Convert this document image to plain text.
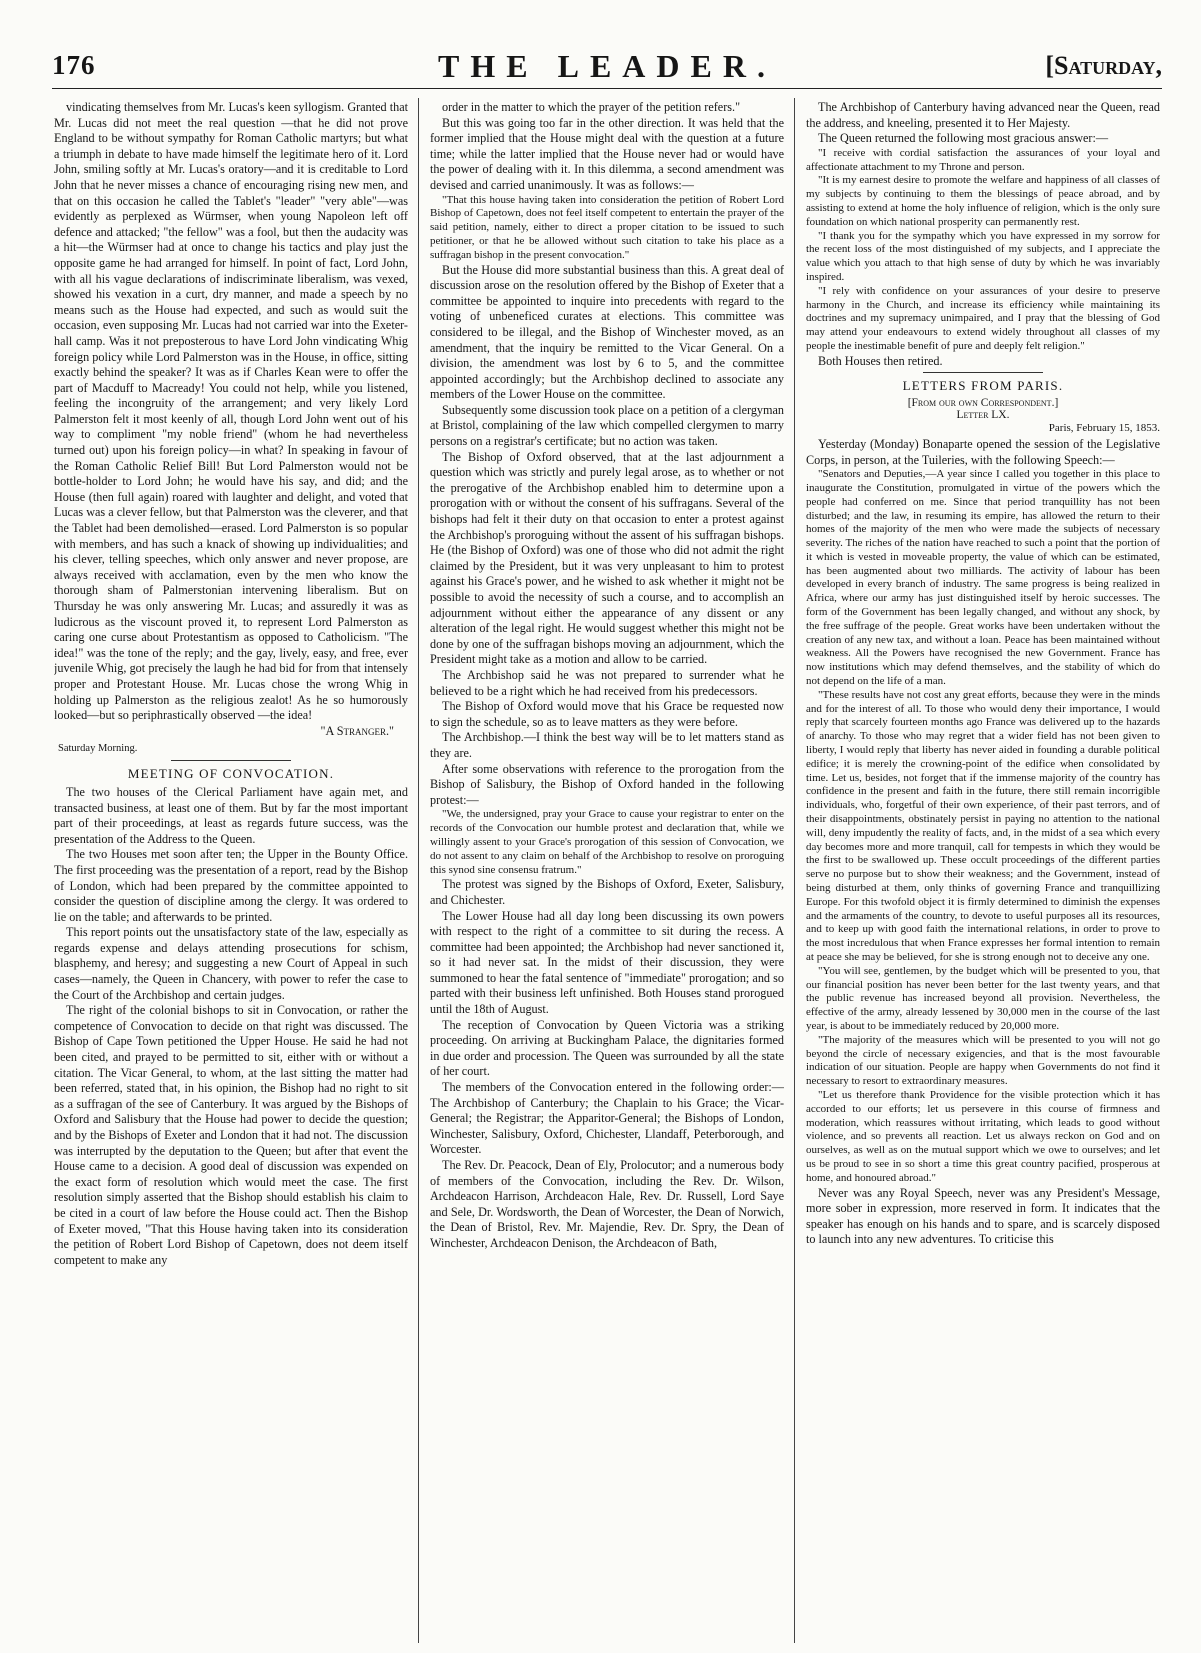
176	THE LEADER.	[Saturday,

vindicating themselves from Mr. Lucas's keen syllogism. Granted that Mr. Lucas did not meet the real question —that he did not prove England to be without sympathy for Roman Catholic martyrs; but what a triumph in debate to have made himself the legitimate hero of it. Lord John, smiling softly at Mr. Lucas's oratory—and it is creditable to Lord John that he never misses a chance of encouraging rising new men, and that on this occasion he called the Tablet's "leader" "very able"—was evidently as perplexed as Würmser, when young Napoleon left off defence and attacked; "the fellow" was a fool, but then the audacity was a hit—the Würmser had at once to change his tactics and play just the opposite game he had arranged for himself. In point of fact, Lord John, with all his vague declarations of indiscriminate liberalism, was vexed, showed his vexation in a curt, dry manner, and made a speech by no means such as the House had expected, and such as would suit the occasion, even supposing Mr. Lucas had not carried war into the Exeter-hall camp. Was it not preposterous to have Lord John vindicating Whig foreign policy while Lord Palmerston was in the House, in office, sitting exactly behind the speaker? It was as if Charles Kean were to offer the part of Macduff to Macready! You could not help, while you listened, feeling the incongruity of the arrangement; and very likely Lord Palmerston felt it most keenly of all, though Lord John went out of his way to compliment "my noble friend" (whom he had nevertheless turned out) upon his foreign policy—in what? In speaking in favour of the Roman Catholic Relief Bill! But Lord Palmerston would not be bottle-holder to Lord John; he would have his say, and did; and the House (then full again) roared with laughter and delight, and voted that Lucas was a clever fellow, but that Palmerston was the cleverer, and that the Tablet had been demolished—erased. Lord Palmerston is so popular with members, and has such a knack of showing up individualities; and his clever, telling speeches, which only answer and never propose, are always received with acclamation, even by the men who know the thorough sham of Palmerstonian intervening liberalism. But on Thursday he was only answering Mr. Lucas; and assuredly it was as ludicrous as the viscount proved it, to represent Lord Palmerston as caring one curse about Protestantism as opposed to Catholicism. "The idea!" was the tone of the reply; and the gay, lively, easy, and free, ever juvenile Whig, got precisely the laugh he had bid for from that intensely proper and Protestant House. Mr. Lucas chose the wrong Whig in holding up Palmerston as the religious zealot! As he so humorously looked—but so periphrastically observed —the idea!

"A Stranger."

Saturday Morning.

MEETING OF CONVOCATION.

The two houses of the Clerical Parliament have again met, and transacted business, at least one of them. But by far the most important part of their proceedings, at least as regards future success, was the presentation of the Address to the Queen.

The two Houses met soon after ten; the Upper in the Bounty Office. The first proceeding was the presentation of a report, read by the Bishop of London, which had been prepared by the committee appointed to consider the question of discipline among the clergy. It was ordered to lie on the table; and afterwards to be printed.

This report points out the unsatisfactory state of the law, especially as regards expense and delays attending prosecutions for schism, blasphemy, and heresy; and suggesting a new Court of Appeal in such cases—namely, the Queen in Chancery, with power to refer the case to the Court of the Archbishop and certain judges.

The right of the colonial bishops to sit in Convocation, or rather the competence of Convocation to decide on that right was discussed. The Bishop of Cape Town petitioned the Upper House. He said he had not been cited, and prayed to be permitted to sit, either with or without a citation. The Vicar General, to whom, at the last sitting the matter had been referred, stated that, in his opinion, the Bishop had no right to sit as a suffragan of the see of Canterbury. It was argued by the Bishops of Oxford and Salisbury that the House had power to decide the question; and by the Bishops of Exeter and London that it had not. The discussion was interrupted by the deputation to the Queen; but after that event the House came to a decision. A good deal of discussion was expended on the exact form of resolution which would meet the case. The first resolution simply asserted that the Bishop should establish his claim to be cited in a court of law before the House could act. Then the Bishop of Exeter moved, "That this House having taken into its consideration the petition of Robert Lord Bishop of Capetown, does not deem itself competent to make any

order in the matter to which the prayer of the petition refers."

But this was going too far in the other direction. It was held that the former implied that the House might deal with the question at a future time; while the latter implied that the House never had or would have the power of dealing with it. In this dilemma, a second amendment was devised and carried unanimously. It was as follows:—

"That this house having taken into consideration the petition of Robert Lord Bishop of Capetown, does not feel itself competent to entertain the prayer of the said petition, namely, either to direct a proper citation to be issued to such petitioner, or that he be allowed without such citation to take his place as a suffragan bishop in the present convocation."

But the House did more substantial business than this. A great deal of discussion arose on the resolution offered by the Bishop of Exeter that a committee be appointed to inquire into precedents with regard to the voting of unbeneficed curates at elections. This committee was considered to be illegal, and the Bishop of Winchester moved, as an amendment, that the inquiry be remitted to the Vicar General. On a division, the amendment was lost by 6 to 5, and the committee appointed accordingly; but the Archbishop declined to associate any members of the Lower House on the committee.

Subsequently some discussion took place on a petition of a clergyman at Bristol, complaining of the law which compelled clergymen to marry persons on a registrar's certificate; but no action was taken.

The Bishop of Oxford observed, that at the last adjournment a question which was strictly and purely legal arose, as to whether or not the prerogative of the Archbishop enabled him to determine upon a prorogation with or without the consent of his suffragans. Several of the bishops had felt it their duty on that occasion to enter a protest against the Archbishop's proroguing without the assent of his suffragan bishops. He (the Bishop of Oxford) was one of those who did not admit the right claimed by the President, but it was very unpleasant to him to protest against his Grace's power, and he wished to ask whether it might not be possible to avoid the necessity of such a course, and to accomplish an adjournment without either the appearance of any dissent or any alteration of the legal right. He would suggest whether this might not be done by one of the suffragan bishops moving an adjournment, which the President might take as a motion and allow to be carried.

The Archbishop said he was not prepared to surrender what he believed to be a right which he had received from his predecessors.

The Bishop of Oxford would move that his Grace be requested now to sign the schedule, so as to leave matters as they were before.

The Archbishop.—I think the best way will be to let matters stand as they are.

After some observations with reference to the prorogation from the Bishop of Salisbury, the Bishop of Oxford handed in the following protest:—

"We, the undersigned, pray your Grace to cause your registrar to enter on the records of the Convocation our humble protest and declaration that, while we willingly assent to your Grace's prorogation of this session of Convocation, we do not assent to any claim on behalf of the Archbishop to resolve on proroguing this synod sine consensu fratrum."

The protest was signed by the Bishops of Oxford, Exeter, Salisbury, and Chichester.

The Lower House had all day long been discussing its own powers with respect to the right of a committee to sit during the recess. A committee had been appointed; the Archbishop had never sanctioned it, so it had never sat. In the midst of their discussion, they were summoned to hear the fatal sentence of "immediate" prorogation; and so parted with their business left unfinished. Both Houses stand prorogued until the 18th of August.

The reception of Convocation by Queen Victoria was a striking proceeding. On arriving at Buckingham Palace, the dignitaries formed in due order and procession. The Queen was surrounded by all the state of her court.

The members of the Convocation entered in the following order:—The Archbishop of Canterbury; the Chaplain to his Grace; the Vicar-General; the Registrar; the Apparitor-General; the Bishops of London, Winchester, Salisbury, Oxford, Chichester, Llandaff, Peterborough, and Worcester.

The Rev. Dr. Peacock, Dean of Ely, Prolocutor; and a numerous body of members of the Convocation, including the Rev. Dr. Wilson, Archdeacon Harrison, Archdeacon Hale, Rev. Dr. Russell, Lord Saye and Sele, Dr. Wordsworth, the Dean of Worcester, the Dean of Norwich, the Dean of Bristol, Rev. Mr. Majendie, Rev. Dr. Spry, the Dean of Winchester, Archdeacon Denison, the Archdeacon of Bath,

The Archbishop of Canterbury having advanced near the Queen, read the address, and kneeling, presented it to Her Majesty.

The Queen returned the following most gracious answer:—

"I receive with cordial satisfaction the assurances of your loyal and affectionate attachment to my Throne and person.

"It is my earnest desire to promote the welfare and happiness of all classes of my subjects by continuing to them the blessings of peace abroad, and by assisting to extend at home the holy influence of religion, which is the only sure foundation on which national prosperity can permanently rest.

"I thank you for the sympathy which you have expressed in my sorrow for the recent loss of the most distinguished of my subjects, and I appreciate the value which you attach to that high sense of duty by which he was invariably inspired.

"I rely with confidence on your assurances of your desire to preserve harmony in the Church, and increase its efficiency while maintaining its doctrines and my supremacy unimpaired, and I pray that the blessing of God may attend your endeavours to extend widely throughout all classes of my people the inestimable benefit of pure and deeply felt religion."

Both Houses then retired.

LETTERS FROM PARIS.
[From our own Correspondent.]
Letter LX.

Paris, February 15, 1853.

Yesterday (Monday) Bonaparte opened the session of the Legislative Corps, in person, at the Tuileries, with the following Speech:—

"Senators and Deputies,—A year since I called you together in this place to inaugurate the Constitution, promulgated in virtue of the powers which the people had conferred on me. Since that period tranquillity has not been disturbed; and the law, in resuming its empire, has allowed the return to their homes of the majority of the men who were made the subjects of necessary severity. The riches of the nation have reached to such a point that the portion of it which is vested in moveable property, the value of which can be estimated, has been augmented about two milliards. The activity of labour has been developed in every branch of industry. The same progress is being realized in Africa, where our army has just distinguished itself by heroic successes. The form of the Government has been legally changed, and without any shock, by the free suffrage of the people. Great works have been undertaken without the creation of any new tax, and without a loan. Peace has been maintained without weakness. All the Powers have recognised the new Government. France has now institutions which may defend themselves, and the stability of which do not depend on the life of a man.

"These results have not cost any great efforts, because they were in the minds and for the interest of all. To those who would deny their importance, I would reply that scarcely fourteen months ago France was delivered up to the hazards of anarchy. To those who may regret that a wider field has not been given to liberty, I would reply that liberty has never aided in founding a durable political edifice; it is merely the crowning-point of the edifice when consolidated by time. Let us, besides, not forget that if the immense majority of the country has confidence in the present and faith in the future, there still remain incorrigible individuals, who, forgetful of their own experience, of their past terrors, and of their disappointments, obstinately persist in paying no attention to the national will, deny impudently the reality of facts, and, in the midst of a sea which every day becomes more and more tranquil, call for tempests in which they would be the first to be swallowed up. These occult proceedings of the different parties serve no purpose but to show their weakness; and the Government, instead of being disturbed at them, only thinks of governing France and tranquillizing Europe. For this twofold object it is firmly determined to diminish the expenses and the armaments of the country, to devote to useful purposes all its resources, and to keep up with good faith the international relations, in order to prove to the most incredulous that when France expresses her formal intention to remain at peace she may be believed, for she is strong enough not to deceive any one.

"You will see, gentlemen, by the budget which will be presented to you, that our financial position has never been better for the last twenty years, and that the public revenue has increased beyond all provision. Nevertheless, the effective of the army, already lessened by 30,000 men in the course of the last year, is about to be immediately reduced by 20,000 more.

"The majority of the measures which will be presented to you will not go beyond the circle of necessary exigencies, and that is the most favourable indication of our situation. People are happy when Governments do not find it necessary to resort to extraordinary measures.

"Let us therefore thank Providence for the visible protection which it has accorded to our efforts; let us persevere in this course of firmness and moderation, which reassures without irritating, which leads to good without violence, and so prevents all reaction. Let us always reckon on God and on ourselves, as well as on the mutual support which we owe to ourselves; and let us be proud to see in so short a time this great country pacified, prosperous at home, and honoured abroad."

Never was any Royal Speech, never was any President's Message, more sober in expression, more reserved in form. It indicates that the speaker has enough on his hands and to spare, and is scarcely disposed to launch into any new adventures. To criticise this
